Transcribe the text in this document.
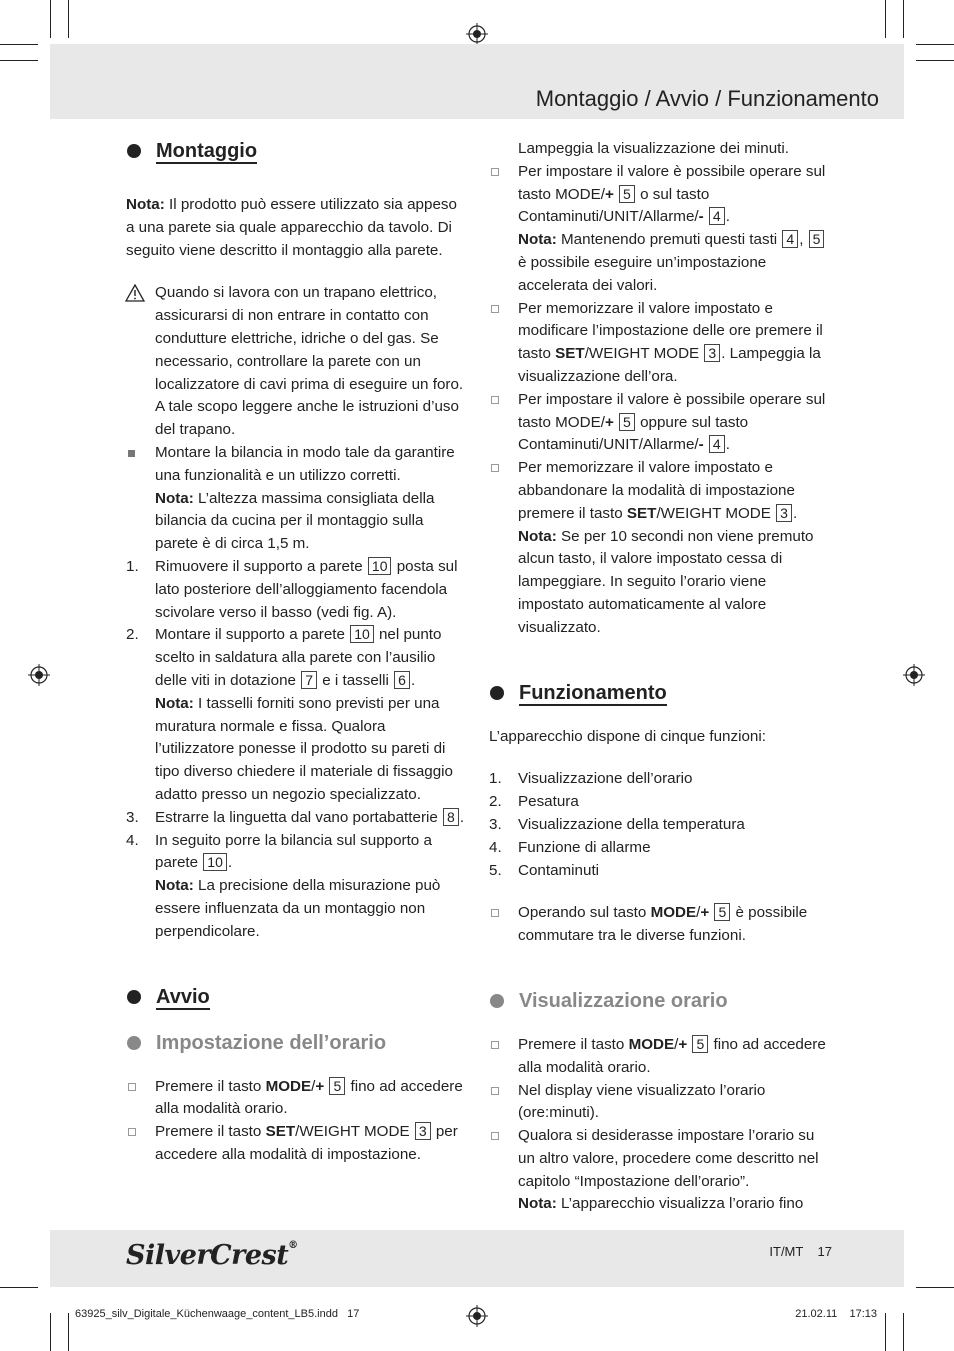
Montaggio / Avvio / Funzionamento
Montaggio

Nota: Il prodotto può essere utilizzato sia appeso a una parete sia quale apparecchio da tavolo. Di seguito viene descritto il montaggio alla parete.

Quando si lavora con un trapano elettrico, assicurarsi di non entrare in contatto con condutture elettriche, idriche o del gas. Se necessario, controllare la parete con un localizzatore di cavi prima di eseguire un foro. A tale scopo leggere anche le istruzioni d’uso del trapano.

Montare la bilancia in modo tale da garantire una funzionalità e un utilizzo corretti.
Nota: L’altezza massima consigliata della bilancia da cucina per il montaggio sulla parete è di circa 1,5 m.

1. Rimuovere il supporto a parete 10 posta sul lato posteriore dell’alloggiamento facendola scivolare verso il basso (vedi fig. A).

2. Montare il supporto a parete 10 nel punto scelto in saldatura alla parete con l’ausilio delle viti in dotazione 7 e i tasselli 6 .
Nota: I tasselli forniti sono previsti per una muratura normale e fissa. Qualora l’utilizzatore ponesse il prodotto su pareti di tipo diverso chiedere il materiale di fissaggio adatto presso un negozio specializzato.

3. Estrarre la linguetta dal vano portabatterie 8 .

4. In seguito porre la bilancia sul supporto a parete 10 .
Nota: La precisione della misurazione può essere influenzata da un montaggio non perpendicolare.

Avvio
Impostazione dell’orario

Premere il tasto MODE/+ 5 fino ad accedere alla modalità orario.

Premere il tasto SET/WEIGHT MODE 3 per accedere alla modalità di impostazione.

Lampeggia la visualizzazione dei minuti.

Per impostare il valore è possibile operare sul tasto MODE/+ 5 o sul tasto Contaminuti/UNIT/Allarme/- 4 .
Nota: Mantenendo premuti questi tasti 4 , 5 è possibile eseguire un’impostazione accelerata dei valori.

Per memorizzare il valore impostato e modificare l’impostazione delle ore premere il tasto SET/WEIGHT MODE 3 . Lampeggia la visualizzazione dell’ora.

Per impostare il valore è possibile operare sul tasto MODE/+ 5 oppure sul tasto Contaminuti/UNIT/Allarme/- 4 .

Per memorizzare il valore impostato e abbandonare la modalità di impostazione premere il tasto SET/WEIGHT MODE 3 .
Nota: Se per 10 secondi non viene premuto alcun tasto, il valore impostato cessa di lampeggiare. In seguito l’orario viene impostato automaticamente al valore visualizzato.

Funzionamento

L’apparecchio dispone di cinque funzioni:

1. Visualizzazione dell’orario
2. Pesatura
3. Visualizzazione della temperatura
4. Funzione di allarme
5. Contaminuti

Operando sul tasto MODE/+ 5 è possibile commutare tra le diverse funzioni.

Visualizzazione orario

Premere il tasto MODE/+ 5 fino ad accedere alla modalità orario.

Nel display viene visualizzato l’orario (ore:minuti).

Qualora si desiderasse impostare l’orario su un altro valore, procedere come descritto nel capitolo “Impostazione dell’orario”.
Nota: L’apparecchio visualizza l’orario fino

SilverCrest®	IT/MT    17
63925_silv_Digitale_Küchenwaage_content_LB5.indd   17	21.02.11    17:13
